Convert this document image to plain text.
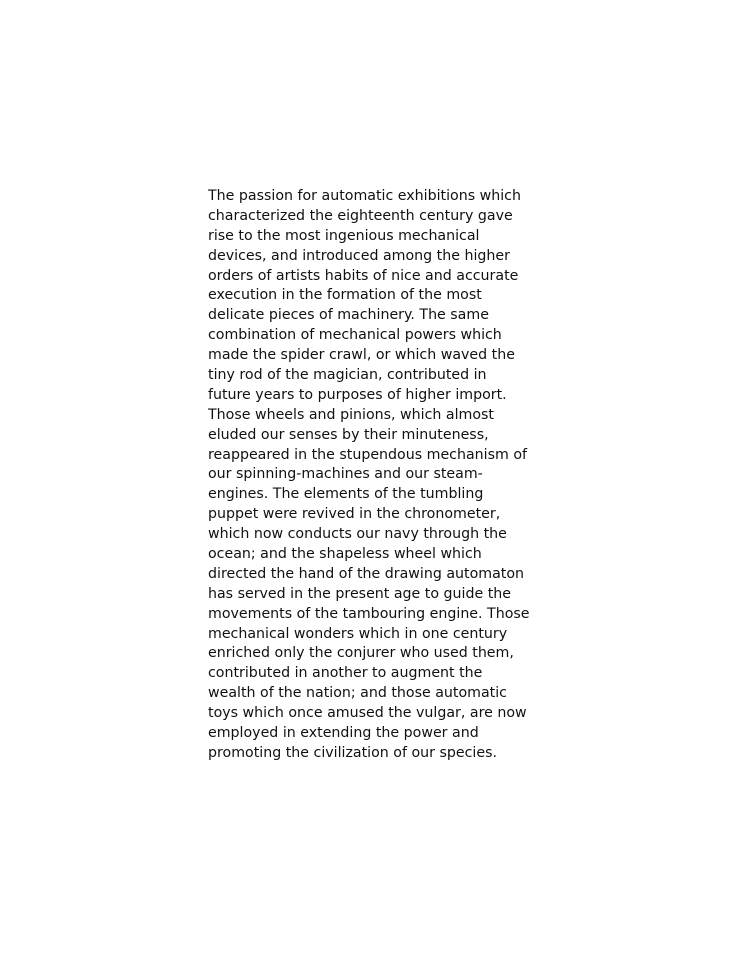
The passion for automatic exhibitions which
characterized the eighteenth century gave
rise to the most ingenious mechanical
devices, and introduced among the higher
orders of artists habits of nice and accurate
execution in the formation of the most
delicate pieces of machinery. The same
combination of mechanical powers which
made the spider crawl, or which waved the
tiny rod of the magician, contributed in
future years to purposes of higher import.
Those wheels and pinions, which almost
eluded our senses by their minuteness,
reappeared in the stupendous mechanism of
our spinning-machines and our steam-
engines. The elements of the tumbling
puppet were revived in the chronometer,
which now conducts our navy through the
ocean; and the shapeless wheel which
directed the hand of the drawing automaton
has served in the present age to guide the
movements of the tambouring engine. Those
mechanical wonders which in one century
enriched only the conjurer who used them,
contributed in another to augment the
wealth of the nation; and those automatic
toys which once amused the vulgar, are now
employed in extending the power and
promoting the civilization of our species.
